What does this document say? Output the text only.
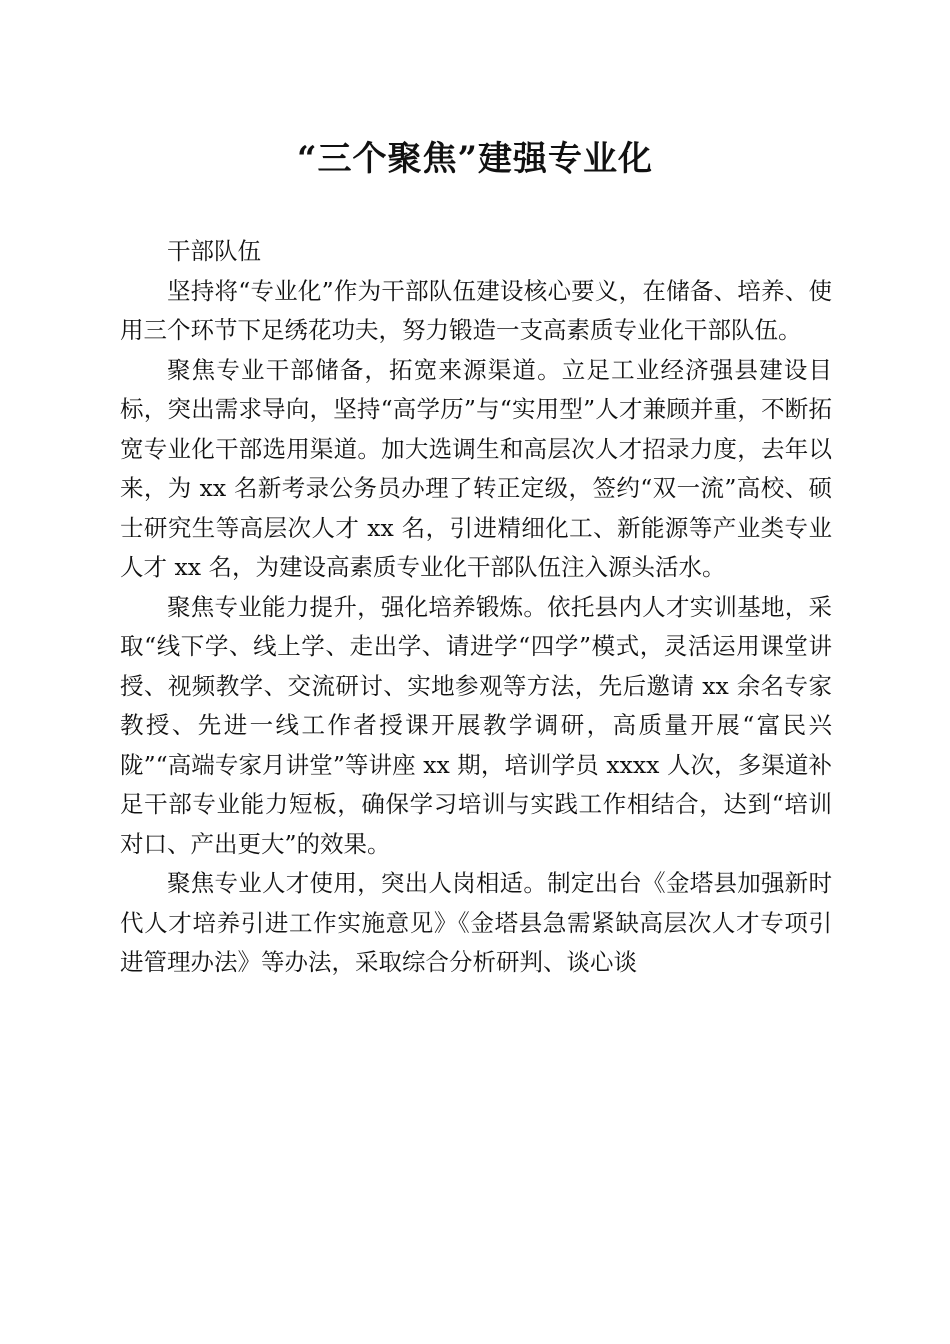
“三个聚焦”建强专业化

干部队伍

坚持将“专业化”作为干部队伍建设核心要义，在储备、培养、使用三个环节下足绣花功夫，努力锻造一支高素质专业化干部队伍。

聚焦专业干部储备，拓宽来源渠道。立足工业经济强县建设目标，突出需求导向，坚持“高学历”与“实用型”人才兼顾并重，不断拓宽专业化干部选用渠道。加大选调生和高层次人才招录力度，去年以来，为 xx 名新考录公务员办理了转正定级，签约“双一流”高校、硕士研究生等高层次人才 xx 名，引进精细化工、新能源等产业类专业人才 xx 名，为建设高素质专业化干部队伍注入源头活水。

聚焦专业能力提升，强化培养锻炼。依托县内人才实训基地，采取“线下学、线上学、走出学、请进学“四学”模式，灵活运用课堂讲授、视频教学、交流研讨、实地参观等方法，先后邀请 xx 余名专家教授、先进一线工作者授课开展教学调研，高质量开展“富民兴陇”“高端专家月讲堂”等讲座 xx 期，培训学员 xxxx 人次，多渠道补足干部专业能力短板，确保学习培训与实践工作相结合，达到“培训对口、产出更大”的效果。

聚焦专业人才使用，突出人岗相适。制定出台《金塔县加强新时代人才培养引进工作实施意见》《金塔县急需紧缺高层次人才专项引进管理办法》等办法，采取综合分析研判、谈心谈
